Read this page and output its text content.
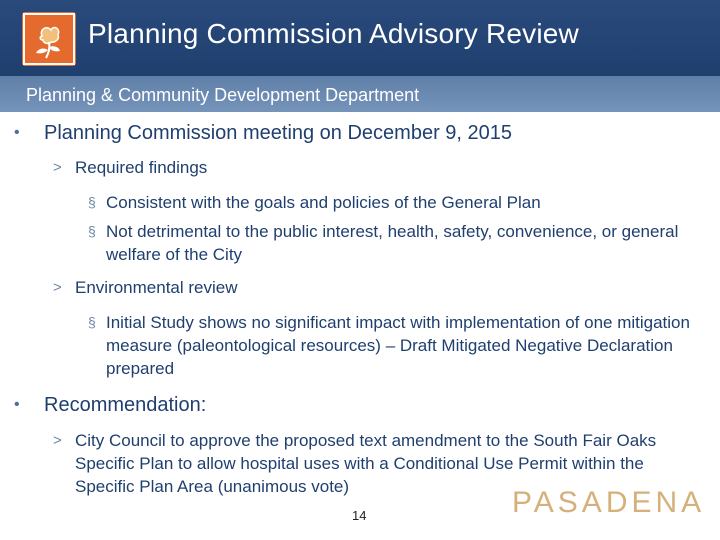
Planning Commission Advisory Review
Planning & Community Development Department
• Planning Commission meeting on December 9, 2015
> Required findings
§ Consistent with the goals and policies of the General Plan
§ Not detrimental to the public interest, health, safety, convenience, or general welfare of the City
> Environmental review
§ Initial Study shows no significant impact with implementation of one mitigation measure (paleontological resources) – Draft Mitigated Negative Declaration prepared
• Recommendation:
> City Council to approve the proposed text amendment to the South Fair Oaks Specific Plan to allow hospital uses with a Conditional Use Permit within the Specific Plan Area (unanimous vote)
14	PASADENA
